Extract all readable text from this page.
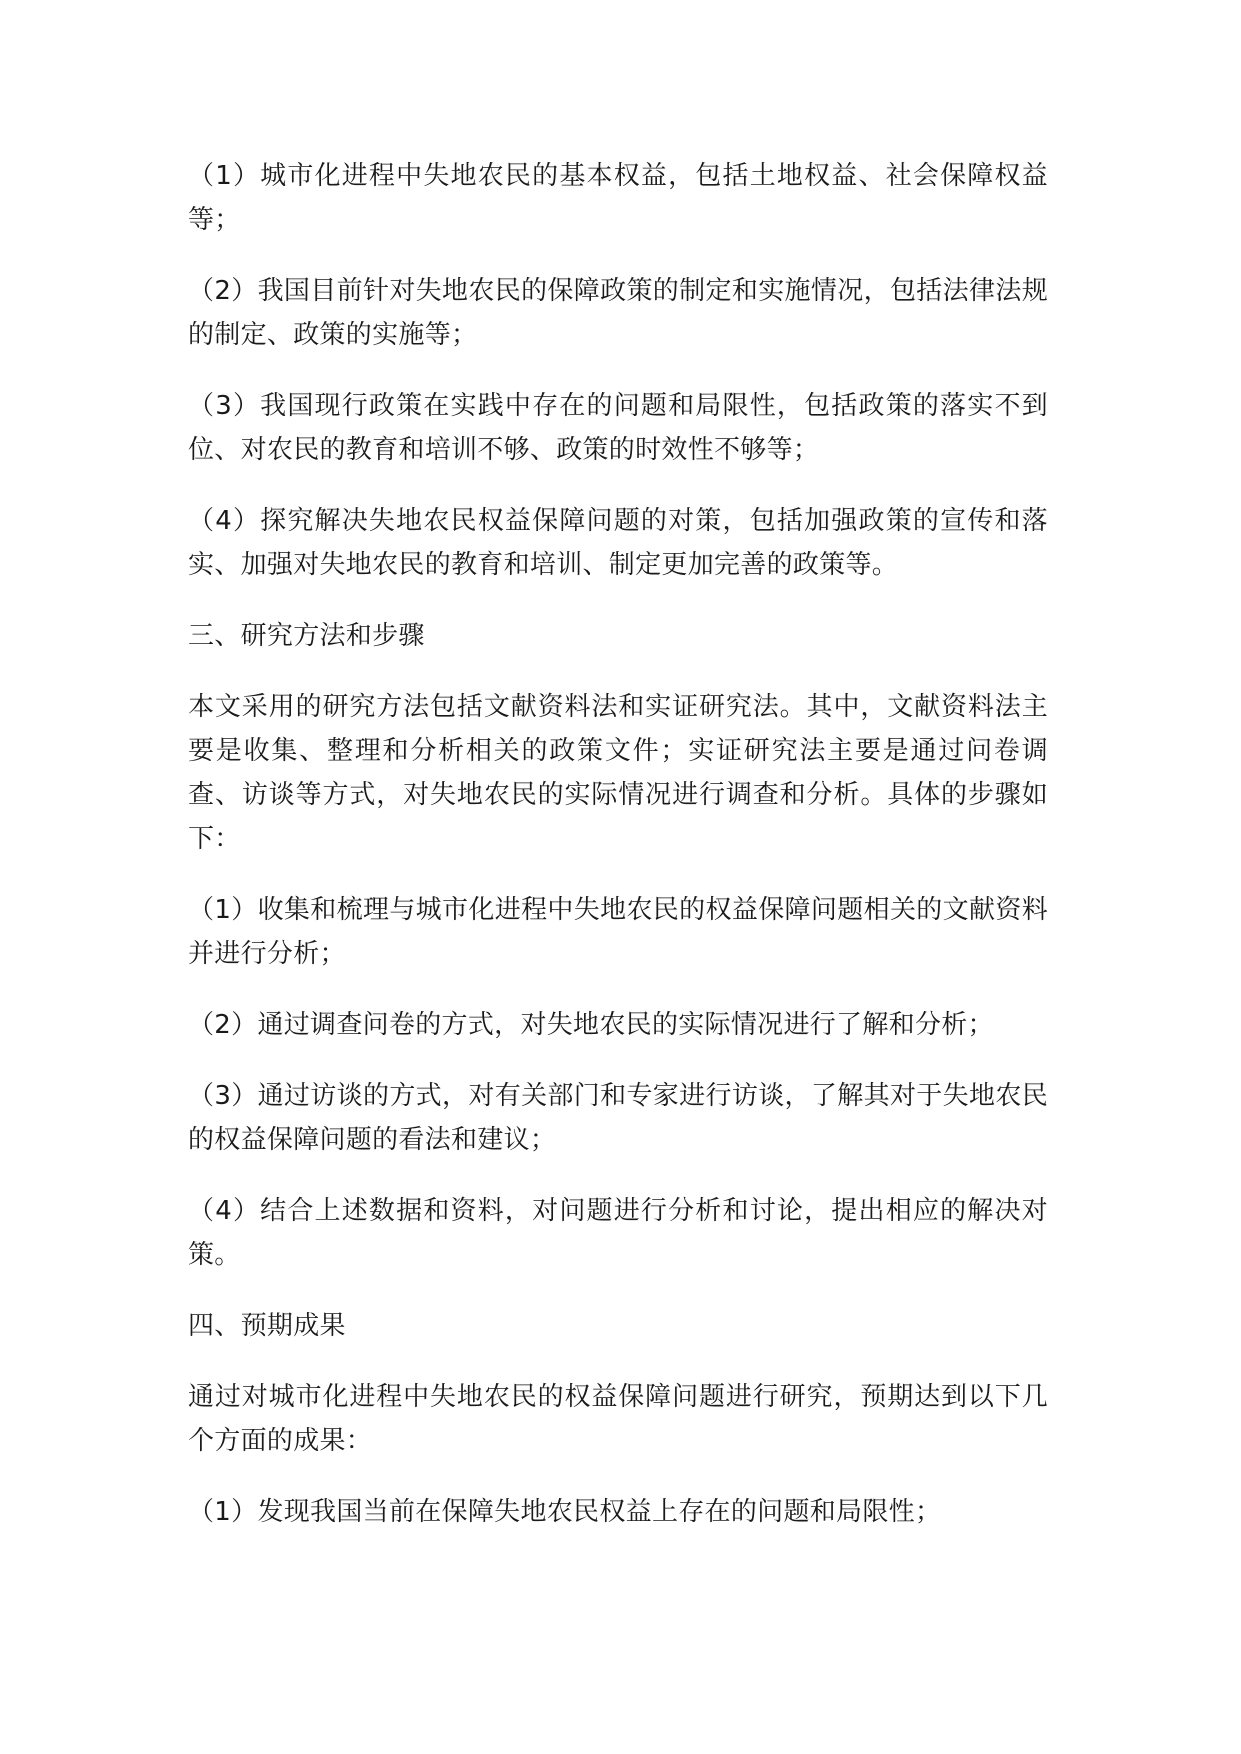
（1）城市化进程中失地农民的基本权益，包括土地权益、社会保障权益等；

（2）我国目前针对失地农民的保障政策的制定和实施情况，包括法律法规的制定、政策的实施等；

（3）我国现行政策在实践中存在的问题和局限性，包括政策的落实不到位、对农民的教育和培训不够、政策的时效性不够等；

（4）探究解决失地农民权益保障问题的对策，包括加强政策的宣传和落实、加强对失地农民的教育和培训、制定更加完善的政策等。

三、研究方法和步骤

本文采用的研究方法包括文献资料法和实证研究法。其中，文献资料法主要是收集、整理和分析相关的政策文件；实证研究法主要是通过问卷调查、访谈等方式，对失地农民的实际情况进行调查和分析。具体的步骤如下：

（1）收集和梳理与城市化进程中失地农民的权益保障问题相关的文献资料并进行分析；

（2）通过调查问卷的方式，对失地农民的实际情况进行了解和分析；

（3）通过访谈的方式，对有关部门和专家进行访谈，了解其对于失地农民的权益保障问题的看法和建议；

（4）结合上述数据和资料，对问题进行分析和讨论，提出相应的解决对策。

四、预期成果

通过对城市化进程中失地农民的权益保障问题进行研究，预期达到以下几个方面的成果：

（1）发现我国当前在保障失地农民权益上存在的问题和局限性；
